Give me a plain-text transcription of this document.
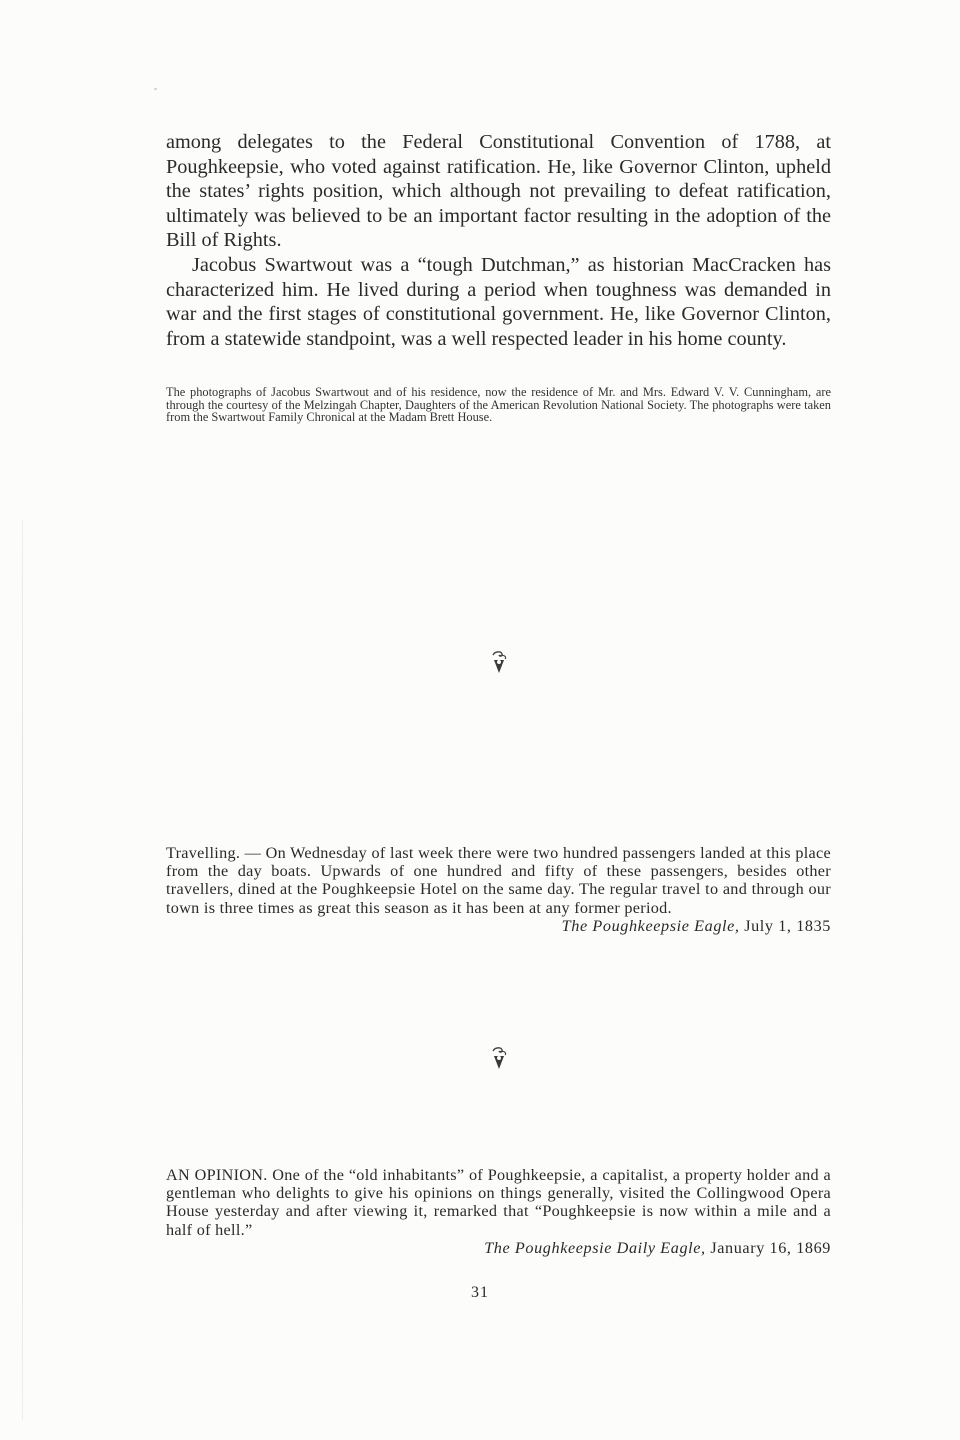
among delegates to the Federal Constitutional Convention of 1788, at Poughkeepsie, who voted against ratification. He, like Governor Clinton, upheld the states’ rights position, which although not prevailing to defeat ratification, ultimately was believed to be an important factor resulting in the adoption of the Bill of Rights.

Jacobus Swartwout was a “tough Dutchman,” as historian MacCracken has characterized him. He lived during a period when toughness was demanded in war and the first stages of constitutional government. He, like Governor Clinton, from a statewide standpoint, was a well respected leader in his home county.

The photographs of Jacobus Swartwout and of his residence, now the residence of Mr. and Mrs. Edward V. V. Cunningham, are through the courtesy of the Melzingah Chapter, Daughters of the American Revolution National Society. The photographs were taken from the Swartwout Family Chronical at the Madam Brett House.

Travelling. — On Wednesday of last week there were two hundred passengers landed at this place from the day boats. Upwards of one hundred and fifty of these passengers, besides other travellers, dined at the Poughkeepsie Hotel on the same day. The regular travel to and through our town is three times as great this season as it has been at any former period.

The Poughkeepsie Eagle, July 1, 1835

AN OPINION. One of the “old inhabitants” of Poughkeepsie, a capitalist, a property holder and a gentleman who delights to give his opinions on things generally, visited the Collingwood Opera House yesterday and after viewing it, remarked that “Poughkeepsie is now within a mile and a half of hell.”

The Poughkeepsie Daily Eagle, January 16, 1869

31
